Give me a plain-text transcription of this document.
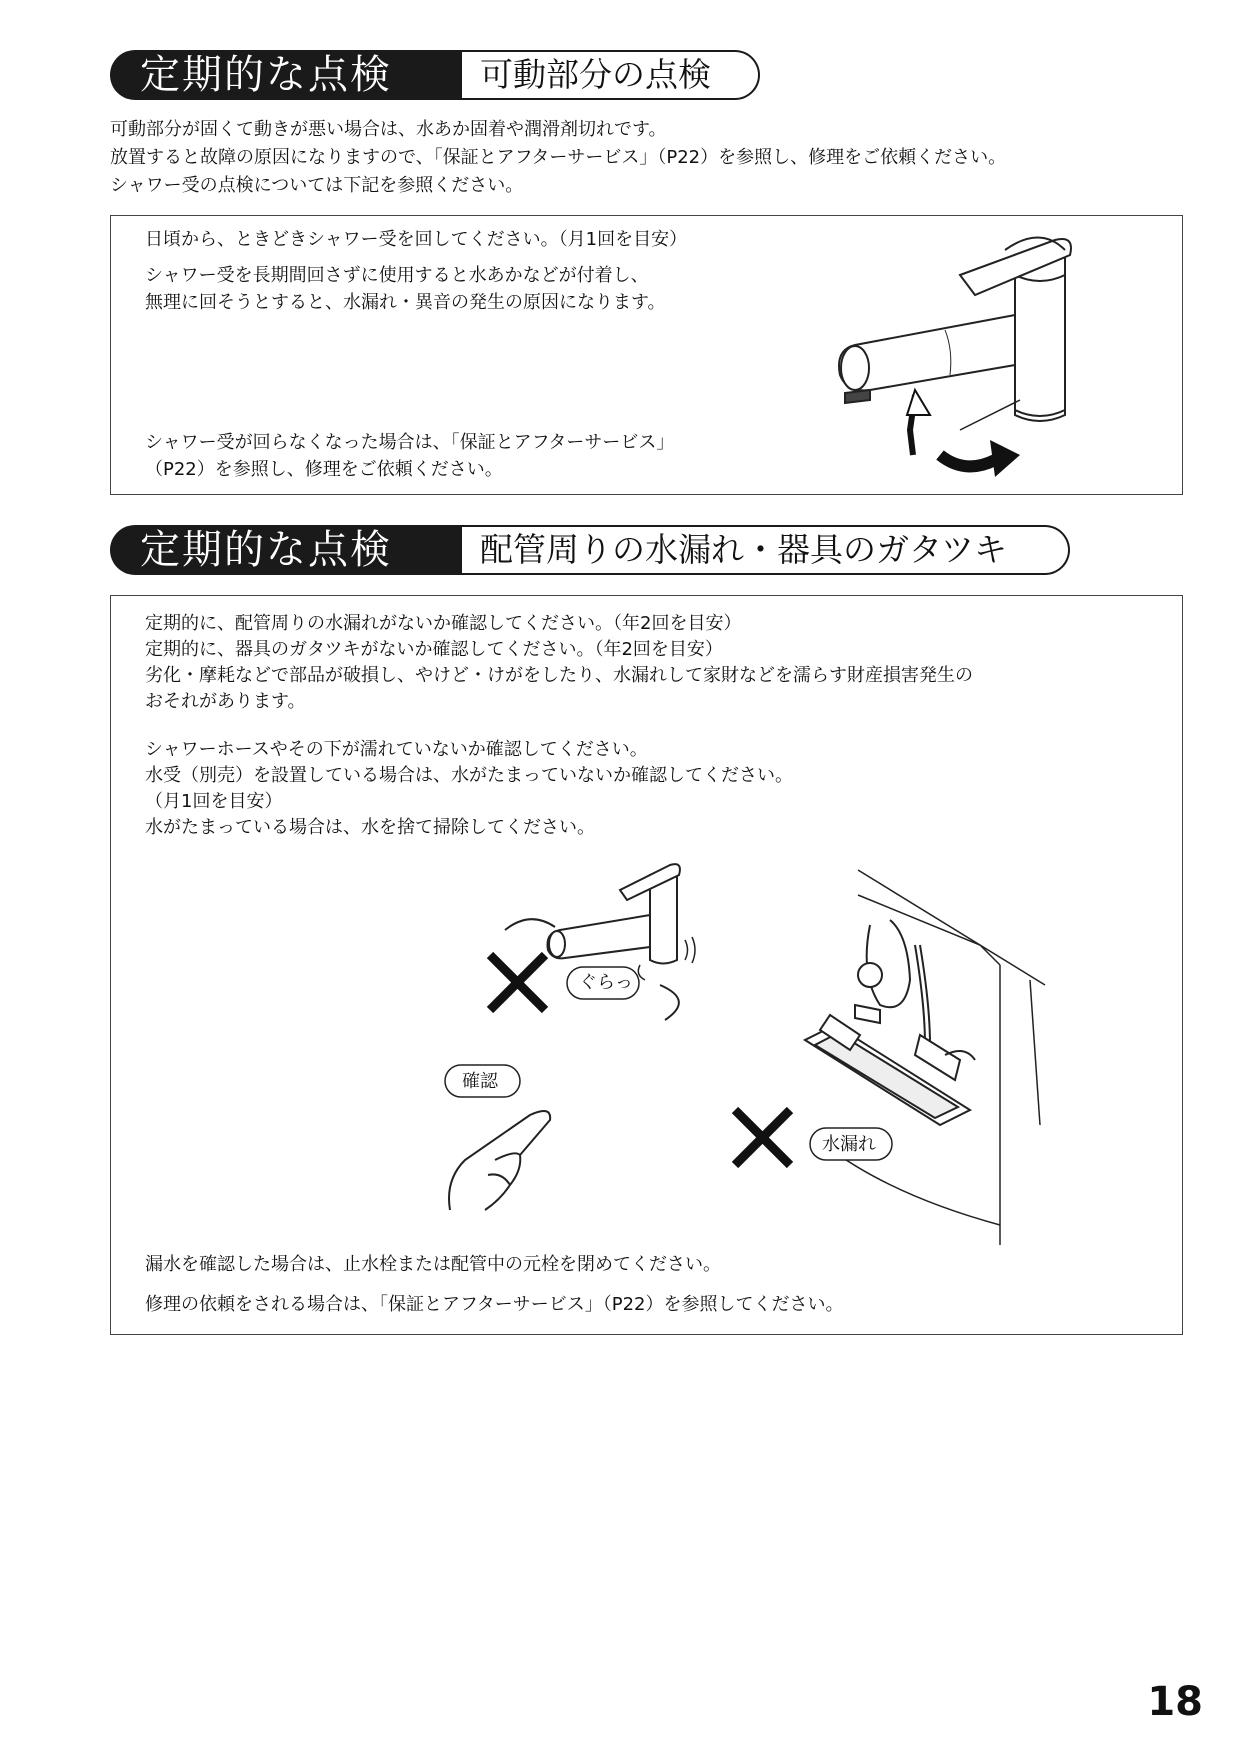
定期的な点検	可動部分の点検
可動部分が固くて動きが悪い場合は、水あか固着や潤滑剤切れです。
放置すると故障の原因になりますので、「保証とアフターサービス」（P22）を参照し、修理をご依頼ください。
シャワー受の点検については下記を参照ください。
日頃から、ときどきシャワー受を回してください。（月1回を目安）
シャワー受を長期間回さずに使用すると水あかなどが付着し、
無理に回そうとすると、水漏れ・異音の発生の原因になります。
シャワー受が回らなくなった場合は、「保証とアフターサービス」
（P22）を参照し、修理をご依頼ください。
定期的な点検	配管周りの水漏れ・器具のガタツキ
定期的に、配管周りの水漏れがないか確認してください。（年2回を目安）
定期的に、器具のガタツキがないか確認してください。（年2回を目安）
劣化・摩耗などで部品が破損し、やけど・けがをしたり、水漏れして家財などを濡らす財産損害発生の
おそれがあります。
シャワーホースやその下が濡れていないか確認してください。
水受（別売）を設置している場合は、水がたまっていないか確認してください。
（月1回を目安）
水がたまっている場合は、水を捨て掃除してください。
ぐらっ
確認
水漏れ
漏水を確認した場合は、止水栓または配管中の元栓を閉めてください。
修理の依頼をされる場合は、「保証とアフターサービス」（P22）を参照してください。
18
